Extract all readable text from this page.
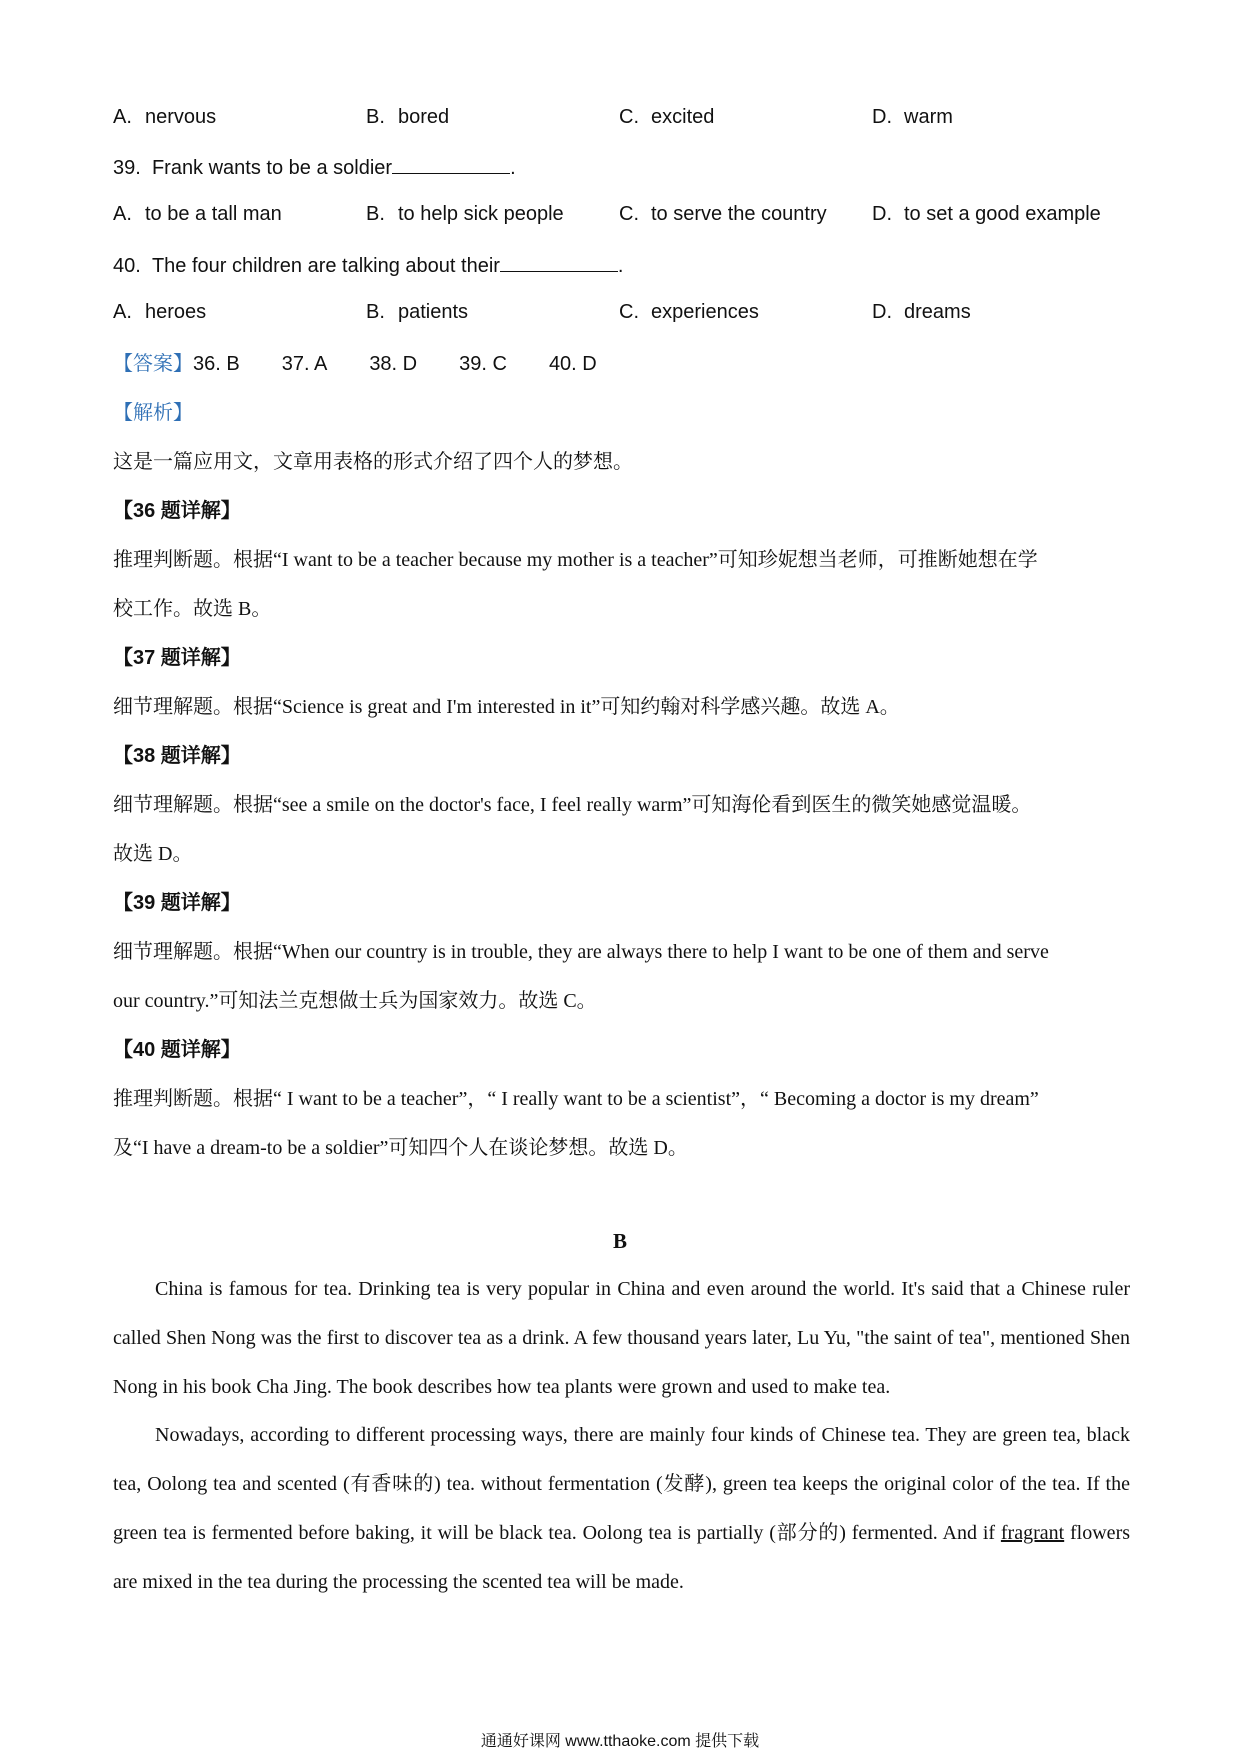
A. nervous	B. bored	C. excited	D. warm
39. Frank wants to be a soldier	.
A. to be a tall man	B. to help sick people	C. to serve the country D. to set a good example
40. The four children are talking about their	.
A. heroes	B. patients	C. experiences	D. dreams
【答案】36. B 37. A 38. D 39. C 40. D
【解析】
这是一篇应用文，文章用表格的形式介绍了四个人的梦想。
【36 题详解】
推理判断题。根据“I want to be a teacher because my mother is a teacher”可知珍妮想当老师，可推断她想在学
校工作。故选 B。
【37 题详解】
细节理解题。根据“Science is great and I'm interested in it”可知约翰对科学感兴趣。故选 A。
【38 题详解】
细节理解题。根据“see a smile on the doctor's face, I feel really warm”可知海伦看到医生的微笑她感觉温暖。
故选 D。
【39 题详解】
细节理解题。根据“When our country is in trouble, they are always there to help I want to be one of them and serve
our country.”可知法兰克想做士兵为国家效力。故选 C。
【40 题详解】
推理判断题。根据“ I want to be a teacher”，“ I really want to be a scientist”，“ Becoming a doctor is my dream”
及“I have a dream-to be a soldier”可知四个人在谈论梦想。故选 D。
B

China is famous for tea. Drinking tea is very popular in China and even around the world. It's said that a Chinese ruler called Shen Nong was the first to discover tea as a drink. A few thousand years later, Lu Yu, "the saint of tea", mentioned Shen Nong in his book Cha Jing. The book describes how tea plants were grown and used to make tea.

Nowadays, according to different processing ways, there are mainly four kinds of Chinese tea. They are green tea, black tea, Oolong tea and scented (有香味的) tea. without fermentation (发酵), green tea keeps the original color of the tea. If the green tea is fermented before baking, it will be black tea. Oolong tea is partially (部分的) fermented. And if fragrant flowers are mixed in the tea during the processing the scented tea will be made.

通通好课网 www.tthaoke.com 提供下载
